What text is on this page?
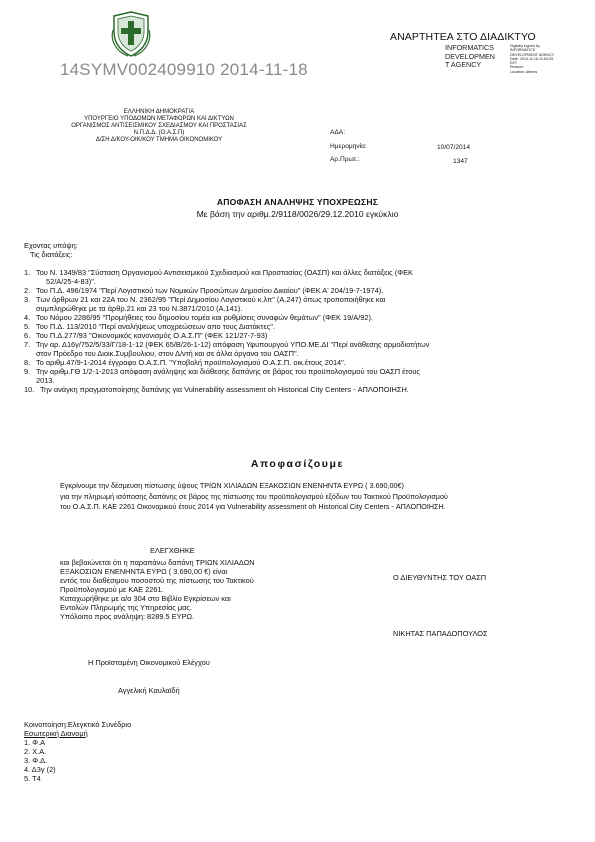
14SYMV002409910 2014-11-18
ΑΝΑΡΤΗΤΕΑ ΣΤΟ ΔΙΑΔΙΚΤΥΟ
INFORMATICS
DEVELOPMEN
T AGENCY
Digitally signed by
INFORMATICS
DEVELOPMENT AGENCY
Date: 2014.11.18 11:54:35
EET
Reason:
Location: Athens
ΕΛΛΗΝΙΚΗ ΔΗΜΟΚΡΑΤΙΑ
ΥΠΟΥΡΓΕΙΟ ΥΠΟΔΟΜΩΝ ΜΕΤΑΦΟΡΩΝ ΚΑΙ ΔΙΚΤΥΩΝ
ΟΡΓΑΝΙΣΜΟΣ ΑΝΤΙΣΕΙΣΜΙΚΟΥ ΣΧΕΔΙΑΣΜΟΥ ΚΑΙ ΠΡΟΣΤΑΣΙΑΣ
Ν.Π.Δ.Δ. (Ο.Α.Σ.Π)
Δ/ΣΗ Δ/ΚΟΥ-ΟΙΚ/ΚΟΥ ΤΜΗΜΑ ΟΙΚΟΝΟΜΙΚΟΥ
ΑΔΑ:
Ημερομηνία:
Αρ.Πρωτ.:
10/07/2014
1347
ΑΠΟΦΑΣΗ ΑΝΑΛΗΨΗΣ ΥΠΟΧΡΕΩΣΗΣ
Με βάση την αριθμ.2/9118/0026/29.12.2010 εγκύκλιο
Εχοντας υπόψη:
Τις διατάξεις:
1. Του Ν. 1349/83 "Σύσταση Οργανισμού Αντισεισμικού Σχεδιασμού και Προστασίας (ΟΑΣΠ) και άλλες διατάξεις (ΦΕΚ
52/Α/25-4-83)".
2. Του Π.Δ. 496/1974 "Περί Λογιστικού των Νομικών Προσώπων Δημοσίου Δικαίου" (ΦΕΚ Α' 204/19-7-1974).
3. Των άρθρων 21 και 22Α του Ν. 2362/95 "Περί Δημοσίου Λογιστικού κ.λπ" (Α.247) όπως τροποποιήθηκε και
συμπληρώθηκε με τα άρθρ.21 και 23 του Ν.3871/2010 (Α.141).
4. Του Νόμου 2286/95 "Προμήθειες του δημοσίου τομέα και ρυθμίσεις συναφών θεμάτων" (ΦΕΚ 19/Α/92).
5. Του Π.Δ. 113/2010 "Περί αναλήψεως υποχρεώσεων απο τους Διατάκτες".
6. Του Π.Δ.277/93 "Οικονομικός κανονισμός Ο.Α.Σ.Π" (ΦΕΚ 121/27-7-93)
7. Την αρ. Δ16γ/752/5/33/Γ/18-1-12 (ΦΕΚ 65/Β/26-1-12) απόφαση Υφυπουργού ΥΠΟ.ΜΕ.ΔΙ "Περί ανάθεσης αρμοδιοτήτων
στον Πρόεδρο του Διοικ.Συμβουλιου, στον Δ/ντή και σε άλλα όργανα του ΟΑΣΠ".
8. Το αριθμ.47/9-1-2014 έγγραφο Ο.Α.Σ.Π. "Υποβολή προϋπολογισμού Ο.Α.Σ.Π. οικ.έτους 2014".
9. Την αριθμ.ΓΘ 1/2-1-2013 απόφαση ανάληψης και διάθεσης δαπάνης σε βάρος του προϋπολογισμού του ΟΑΣΠ έτους
2013.
10. Την ανάγκη πραγματοποίησης δαπάνης για Vulnerability assessment oh Historical City Centers - ΑΠΛΟΠΟΙΗΣΗ.
Αποφασίζουμε
Εγκρίνουμε την δέσμευση πίστωσης ύψους ΤΡΙΩΝ ΧΙΛΙΑΔΩΝ ΕΞΑΚΟΣΙΩΝ ΕΝΕΝΗΝΤΑ ΕΥΡΩ ( 3.690,00€)
για την πληρωμή ισόποσης δαπάνης σε βάρος της πίστωσης του προϋπολογισμού εξόδων του Τακτικού Προϋπολογισμού
του Ο.Α.Σ.Π. ΚΑΕ 2261 Οικονομικού έτους 2014 για Vulnerability assessment oh Historical City Centers - ΑΠΛΟΠΟΙΗΣΗ.
ΕΛΕΓΧΘΗΚΕ
και βεβαιώνεται ότι η παραπάνω δαπάνη ΤΡΙΩΝ ΧΙΛΙΑΔΩΝ
ΕΞΑΚΟΣΙΩΝ ΕΝΕΝΗΝΤΑ ΕΥΡΩ ( 3.690,00 €) είναι
εντός του διαθέσιμου ποσοστού της πίστωσης του Τακτικού
Προϋπολογισμού με ΚΑΕ 2261.
Καταχωρήθηκε με α/α 304 στο Βιβλίο Εγκρίσεων και
Εντολών Πληρωμής της Υπηρεσίας μας.
Υπόλοιπο προς ανάληψη: 8289.5 ΕΥΡΩ.
Ο ΔΙΕΥΘΥΝΤΗΣ ΤΟΥ ΟΑΣΠ
ΝΙΚΗΤΑΣ ΠΑΠΑΔΟΠΟΥΛΟΣ
Η Προϊσταμένη Οικονομικού Ελέγχου
Αγγελική Καυλαϊδή
Κοινοποίηση:Ελεγκτικό Συνέδριο
Εσωτερική Διανομή
1. Φ.Α
2. Χ.Α.
3. Φ.Δ.
4. Δ3γ (2)
5. Τ4
